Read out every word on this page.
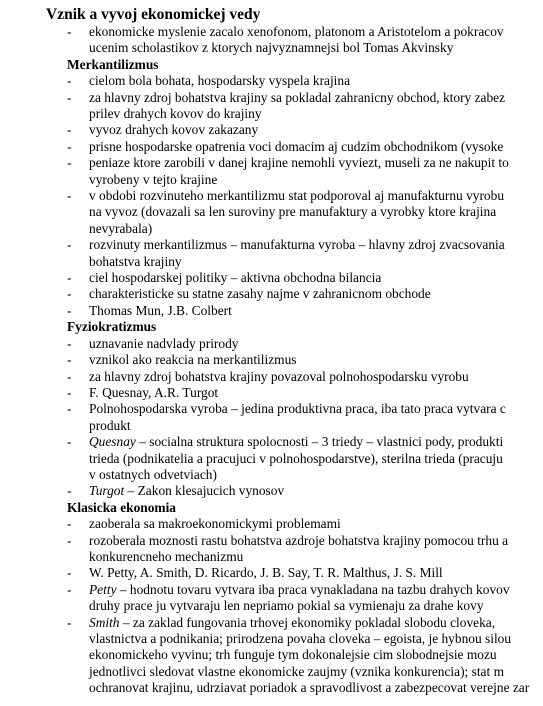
Vznik a vyvoj ekonomickej vedy
- ekonomicke myslenie zacalo xenofonom, platonom a Aristotelom a pokracov
ucenim scholastikov z ktorych najvyznamnejsi bol Tomas Akvinsky
Merkantilizmus
- cielom bola bohata, hospodarsky vyspela krajina
- za hlavny zdroj bohatstva krajiny sa pokladal zahranicny obchod, ktory zabez
prilev drahych kovov do krajiny
- vyvoz drahych kovov zakazany
- prisne hospodarske opatrenia voci domacim aj cudzim obchodnikom (vysoke
- peniaze ktore zarobili v danej krajine nemohli vyviezt, museli za ne nakupit to
vyrobeny v tejto krajine
- v obdobi rozvinuteho merkantilizmu stat podporoval aj manufakturnu vyrobu
na vyvoz (dovazali sa len suroviny pre manufaktury a vyrobky ktore krajina
nevyrabala)
- rozvinuty merkantilizmus – manufakturna vyroba – hlavny zdroj zvacsovania
bohatstva krajiny
- ciel hospodarskej politiky – aktivna obchodna bilancia
- charakteristicke su statne zasahy najme v zahranicnom obchode
- Thomas Mun, J.B. Colbert
Fyziokratizmus
- uznavanie nadvlady prirody
- vznikol ako reakcia na merkantilizmus
- za hlavny zdroj bohatstva krajiny povazoval polnohospodarsku vyrobu
- F. Quesnay, A.R. Turgot
- Polnohospodarska vyroba – jedina produktivna praca, iba tato praca vytvara c
produkt
- Quesnay – socialna struktura spolocnosti – 3 triedy – vlastnici pody, produkti
trieda (podnikatelia a pracujuci v polnohospodarstve), sterilna trieda (pracuju
v ostatnych odvetviach)
- Turgot – Zakon klesajucich vynosov
Klasicka ekonomia
- zaoberala sa makroekonomickymi problemami
- rozoberala moznosti rastu bohatstva azdroje bohatstva krajiny pomocou trhu a
konkurencneho mechanizmu
- W. Petty, A. Smith, D. Ricardo, J. B. Say, T. R. Malthus, J. S. Mill
- Petty – hodnotu tovaru vytvara iba praca vynakladana na tazbu drahych kovov
druhy prace ju vytvaraju len nepriamo pokial sa vymienaju za drahe kovy
- Smith – za zaklad fungovania trhovej ekonomiky pokladal slobodu cloveka,
vlastnictva a podnikania; prirodzena povaha cloveka – egoista, je hybnou silou
ekonomickeho vyvinu; trh funguje tym dokonalejsie cim slobodnejsie mozu
jednotlivci sledovat vlastne ekonomicke zaujmy (vznika konkurencia); stat m
ochranovat krajinu, udrziavat poriadok a spravodlivost a zabezpecovat verejne zar
